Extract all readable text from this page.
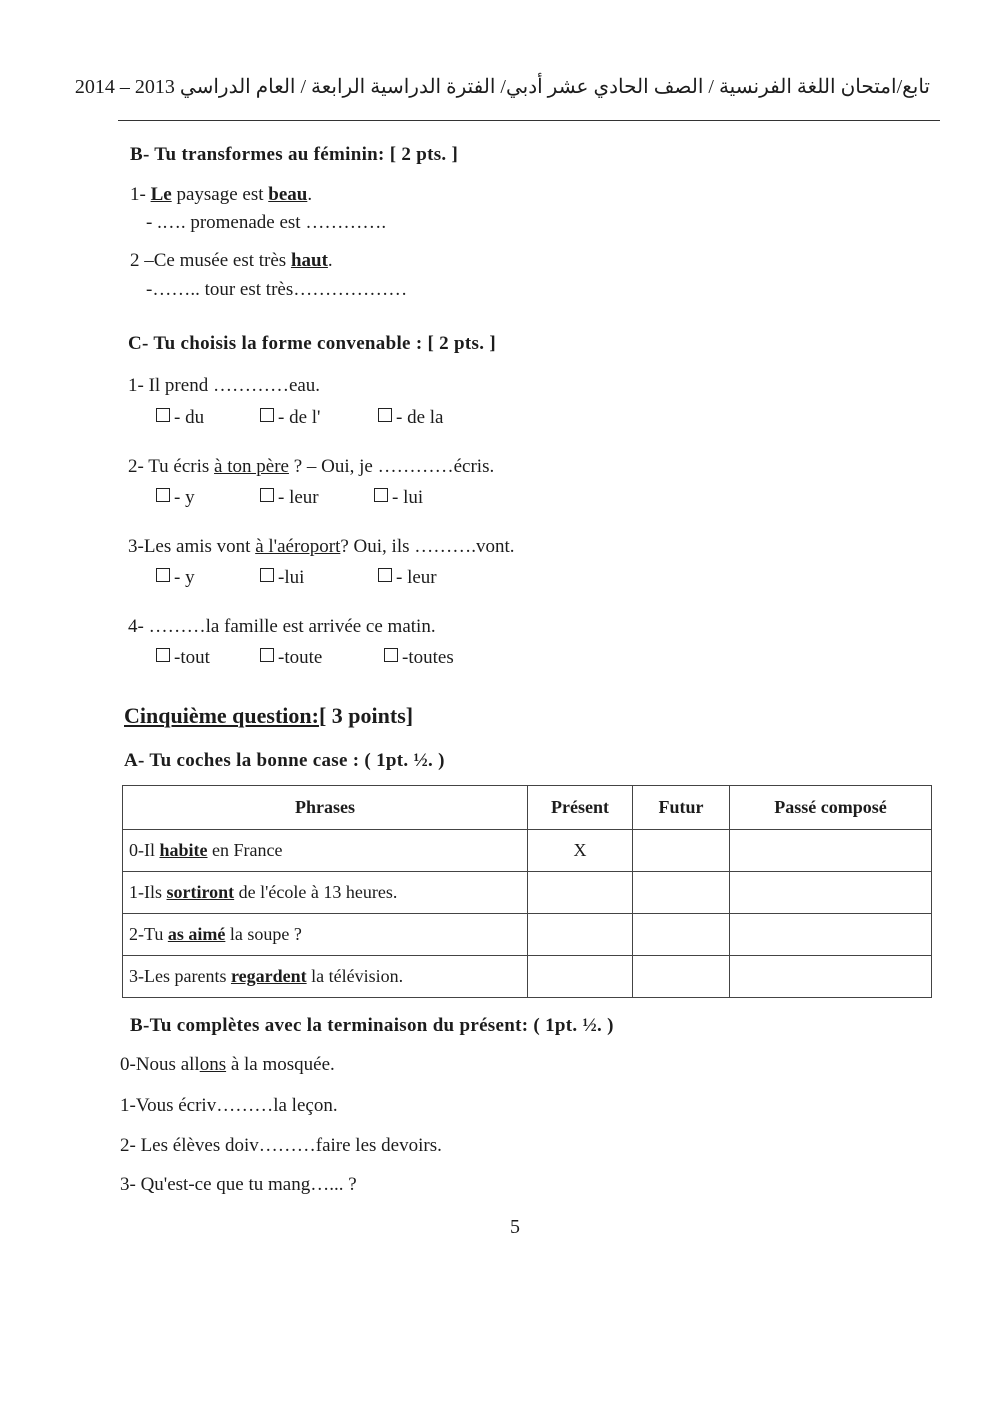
تابع/امتحان اللغة الفرنسية / الصف الحادي عشر أدبي/ الفترة الدراسية الرابعة / العام الدراسي 2013 – 2014
B- Tu transformes au féminin: [ 2 pts. ]
1- Le paysage est beau.
- .…. promenade est ………….
2 –Ce musée est très haut.
-…….. tour est très………………
C- Tu choisis la forme convenable : [ 2 pts. ]
1- Il prend …………eau.
- du	- de l'	- de la
2- Tu écris à ton père ? – Oui, je …………écris.
- y	- leur	- lui
3-Les amis vont à l'aéroport? Oui, ils ……….vont.
- y	-lui	- leur
4- ………la famille est arrivée ce matin.
-tout	-toute	-toutes
Cinquième question:[ 3 points]
A- Tu coches la bonne case : ( 1pt. ½. )
Phrases	Présent	Futur	Passé composé
0-Il habite en France	X		
1-Ils sortiront de l'école à 13 heures.			
2-Tu as aimé la soupe ?			
3-Les parents regardent la télévision.			
B-Tu complètes avec la terminaison du présent: ( 1pt. ½. )
0-Nous allons à la mosquée.
1-Vous écriv………la leçon.
2- Les élèves doiv………faire les devoirs.
3- Qu'est-ce que tu mang…... ?
5
